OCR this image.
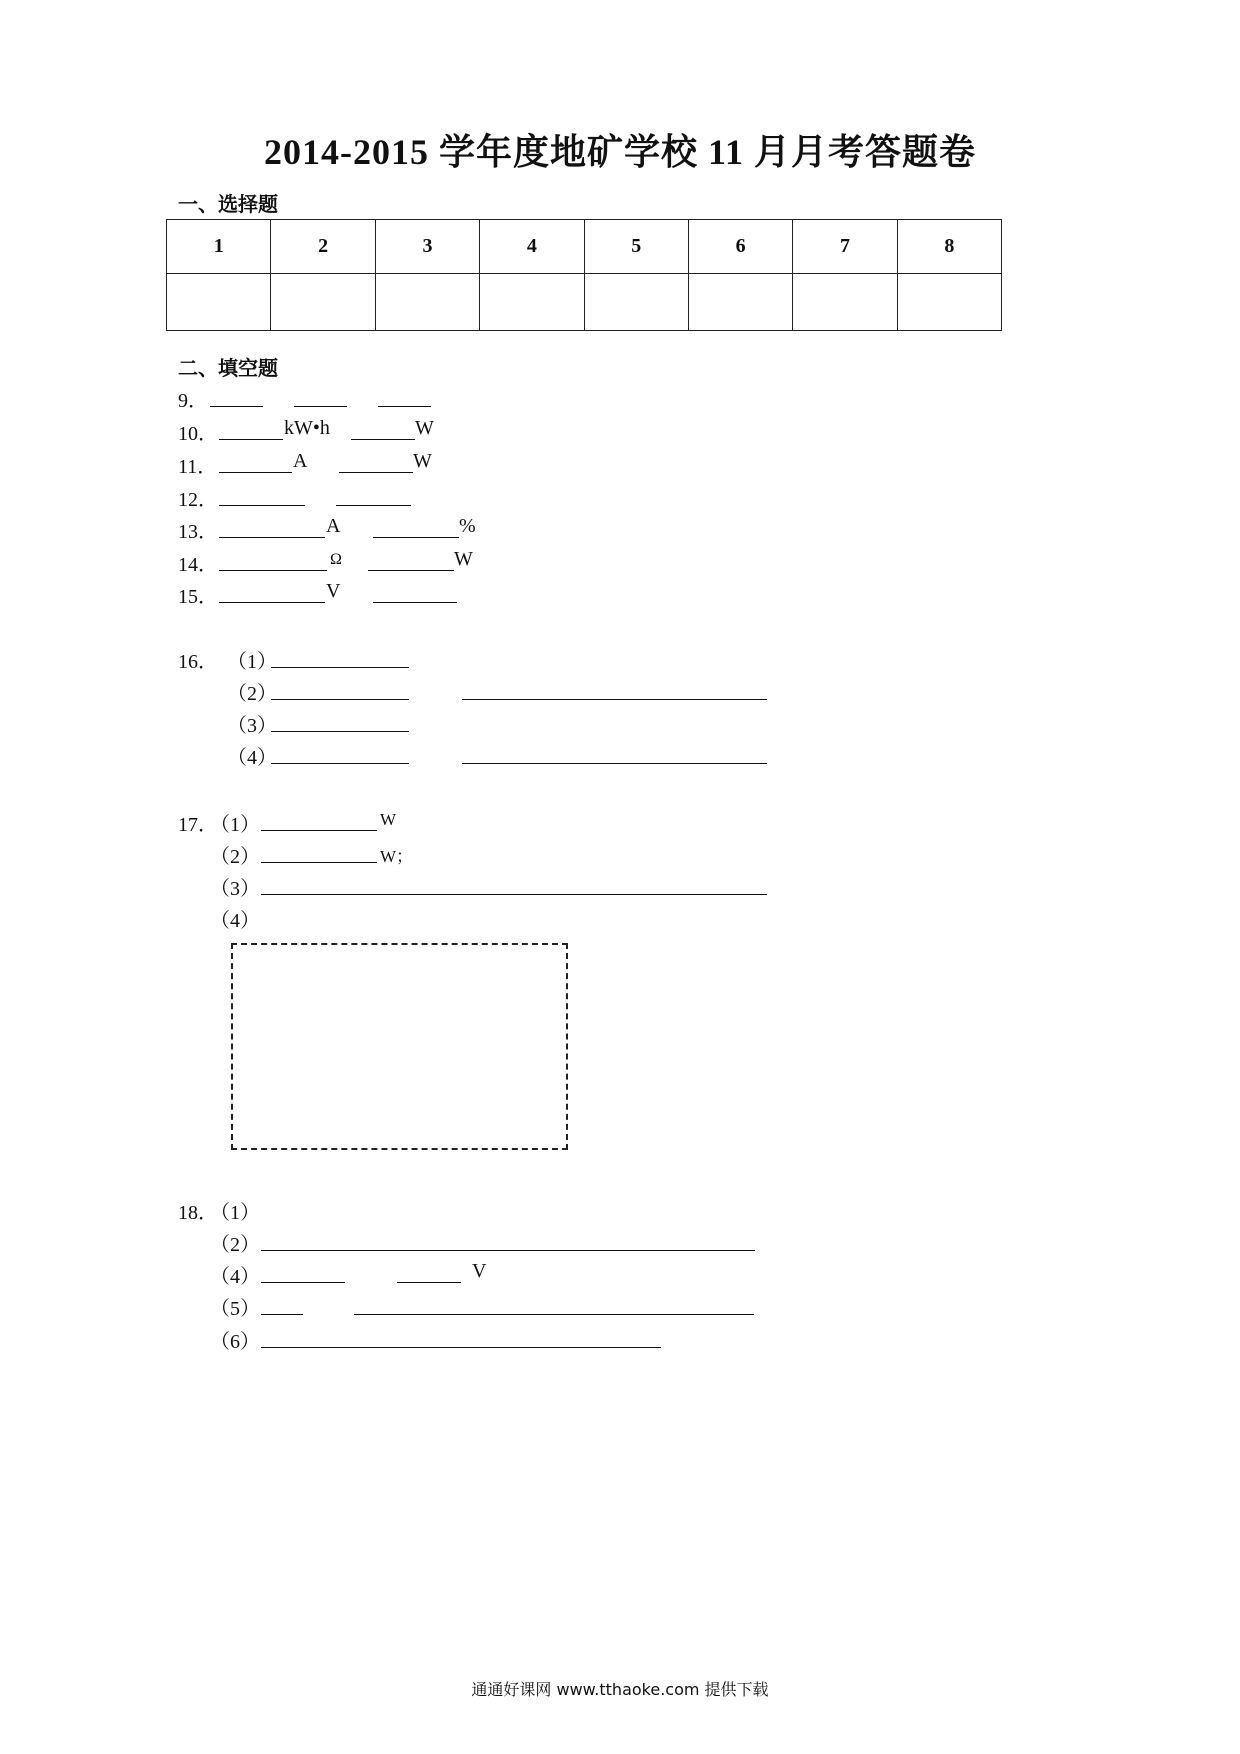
2014-2015 学年度地矿学校 11 月月考答题卷
一、选择题
1	2	3	4	5	6	7	8

二、填空题
9．
10．	kW•h	W
11．	A	W
12．
13．	A	%
14．	Ω	W
15．	V
16． （1）
（2）
（3）
（4）
17．
（1）	W
（2）	W；
（3）
（4）
18．
（1）
（2）
（4）	V
（5）
（6）
通通好课网 www.tthaoke.com 提供下载
